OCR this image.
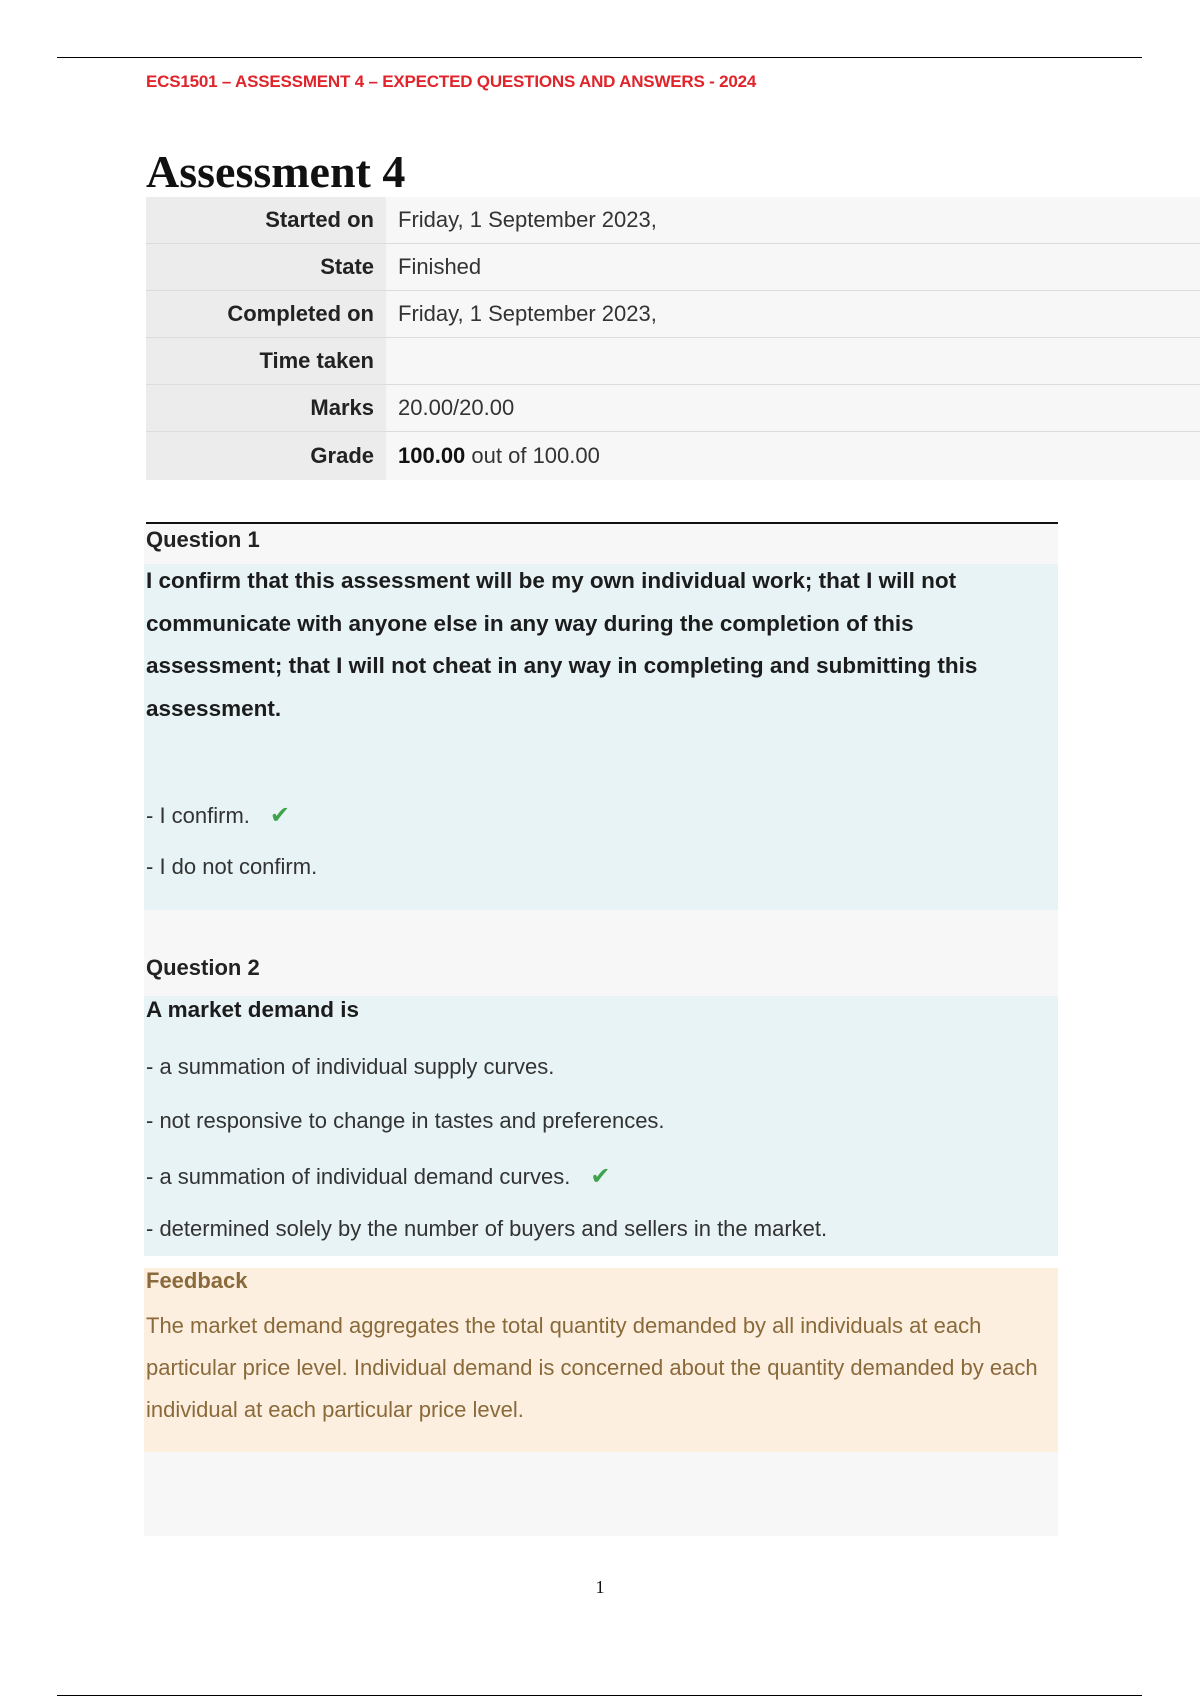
ECS1501 – ASSESSMENT 4 – EXPECTED QUESTIONS AND ANSWERS - 2024
Assessment 4
Started on	Friday, 1 September 2023,
State	Finished
Completed on	Friday, 1 September 2023,
Time taken	
Marks	20.00/20.00
Grade	100.00 out of 100.00
Question 1
I confirm that this assessment will be my own individual work; that I will not communicate with anyone else in any way during the completion of this assessment; that I will not cheat in any way in completing and submitting this assessment.
- I confirm. ✔
- I do not confirm.
Question 2
A market demand is
- a summation of individual supply curves.
- not responsive to change in tastes and preferences.
- a summation of individual demand curves. ✔
- determined solely by the number of buyers and sellers in the market.
Feedback
The market demand aggregates the total quantity demanded by all individuals at each particular price level. Individual demand is concerned about the quantity demanded by each individual at each particular price level.
1
